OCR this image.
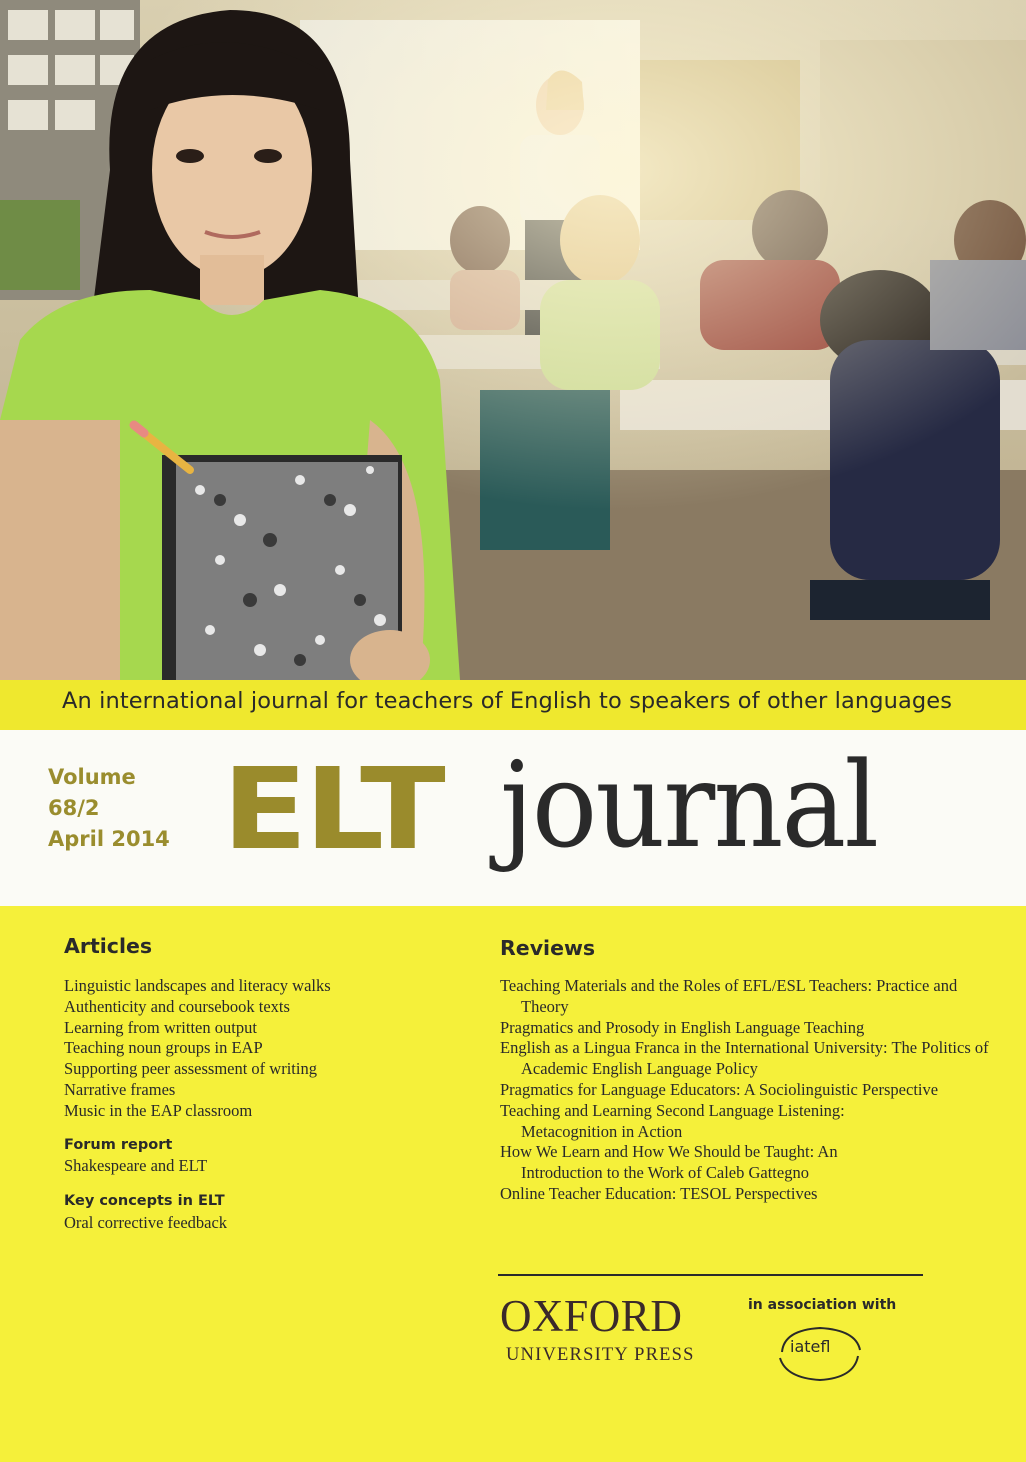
An international journal for teachers of English to speakers of other languages
Volume
68/2
April 2014 ELT journal
Articles
Linguistic landscapes and literacy walks
Authenticity and coursebook texts
Learning from written output
Teaching noun groups in EAP
Supporting peer assessment of writing
Narrative frames
Music in the EAP classroom
Forum report
Shakespeare and ELT
Key concepts in ELT
Oral corrective feedback
Reviews
Teaching Materials and the Roles of EFL/ESL Teachers: Practice and Theory
Pragmatics and Prosody in English Language Teaching
English as a Lingua Franca in the International University: The Politics of Academic English Language Policy
Pragmatics for Language Educators: A Sociolinguistic Perspective
Teaching and Learning Second Language Listening: Metacognition in Action
How We Learn and How We Should be Taught: An Introduction to the Work of Caleb Gattegno
Online Teacher Education: TESOL Perspectives
OXFORD
UNIVERSITY PRESS
in association with
iatefl
